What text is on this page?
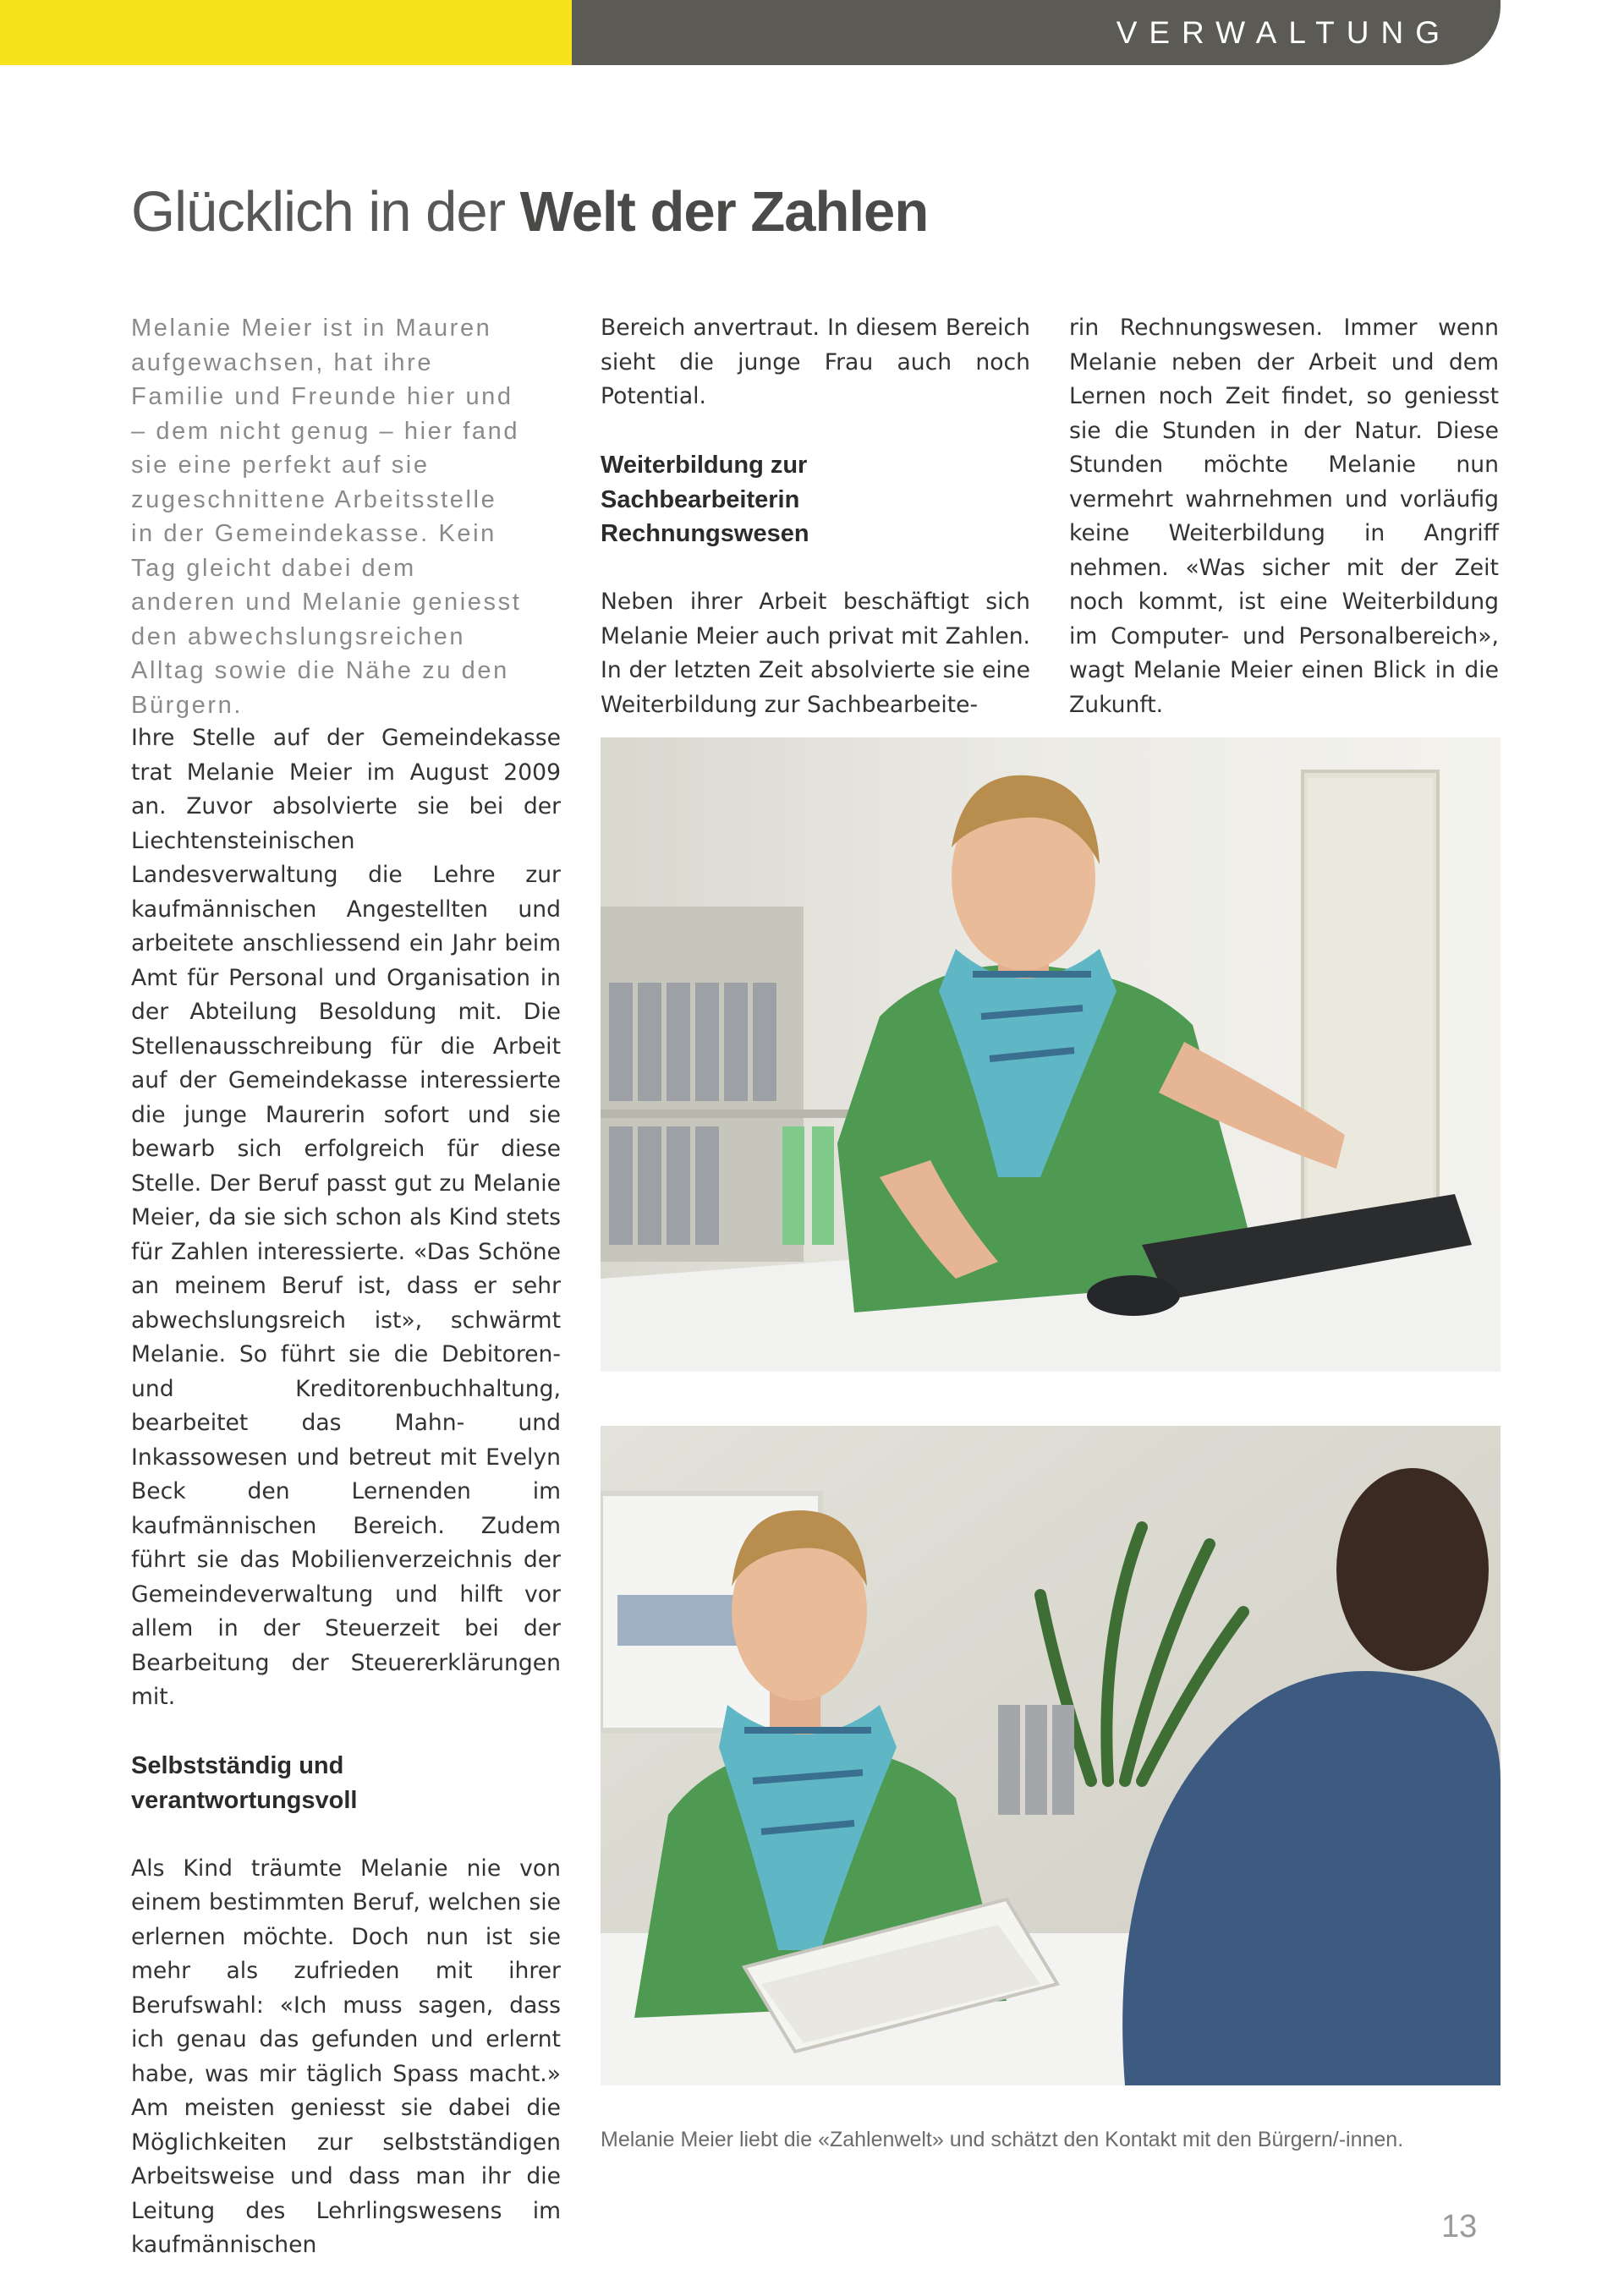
VERWALTUNG
Glücklich in der Welt der Zahlen

Melanie Meier ist in Mauren aufgewachsen, hat ihre Familie und Freunde hier und – dem nicht genug – hier fand sie eine perfekt auf sie zugeschnittene Arbeitsstelle in der Gemeindekasse. Kein Tag gleicht dabei dem anderen und Melanie geniesst den abwechslungsreichen Alltag sowie die Nähe zu den Bürgern.

Ihre Stelle auf der Gemeindekasse trat Melanie Meier im August 2009 an. Zuvor absolvierte sie bei der Liechtensteinischen Landesverwaltung die Lehre zur kaufmännischen Angestellten und arbeitete anschliessend ein Jahr beim Amt für Personal und Organisation in der Abteilung Besoldung mit. Die Stellenausschreibung für die Arbeit auf der Gemeindekasse interessierte die junge Maurerin sofort und sie bewarb sich erfolgreich für diese Stelle. Der Beruf passt gut zu Melanie Meier, da sie sich schon als Kind stets für Zahlen interessierte. «Das Schöne an meinem Beruf ist, dass er sehr abwechslungsreich ist», schwärmt Melanie. So führt sie die Debitoren- und Kreditorenbuchhaltung, bearbeitet das Mahn- und Inkassowesen und betreut mit Evelyn Beck den Lernenden im kaufmännischen Bereich. Zudem führt sie das Mobilienverzeichnis der Gemeindeverwaltung und hilft vor allem in der Steuerzeit bei der Bearbeitung der Steuererklärungen mit.

Selbstständig und verantwortungsvoll

Als Kind träumte Melanie nie von einem bestimmten Beruf, welchen sie erlernen möchte. Doch nun ist sie mehr als zufrieden mit ihrer Berufswahl: «Ich muss sagen, dass ich genau das gefunden und erlernt habe, was mir täglich Spass macht.» Am meisten geniesst sie dabei die Möglichkeiten zur selbstständigen Arbeitsweise und dass man ihr die Leitung des Lehrlingswesens im kaufmännischen

Bereich anvertraut. In diesem Bereich sieht die junge Frau auch noch Potential.

Weiterbildung zur Sachbearbeiterin Rechnungswesen

Neben ihrer Arbeit beschäftigt sich Melanie Meier auch privat mit Zahlen. In der letzten Zeit absolvierte sie eine Weiterbildung zur Sachbearbeite-

rin Rechnungswesen. Immer wenn Melanie neben der Arbeit und dem Lernen noch Zeit findet, so geniesst sie die Stunden in der Natur. Diese Stunden möchte Melanie nun vermehrt wahrnehmen und vorläufig keine Weiterbildung in Angriff nehmen. «Was sicher mit der Zeit noch kommt, ist eine Weiterbildung im Computer- und Personalbereich», wagt Melanie Meier einen Blick in die Zukunft.

Melanie Meier liebt die «Zahlenwelt» und schätzt den Kontakt mit den Bürgern/-innen.

13
